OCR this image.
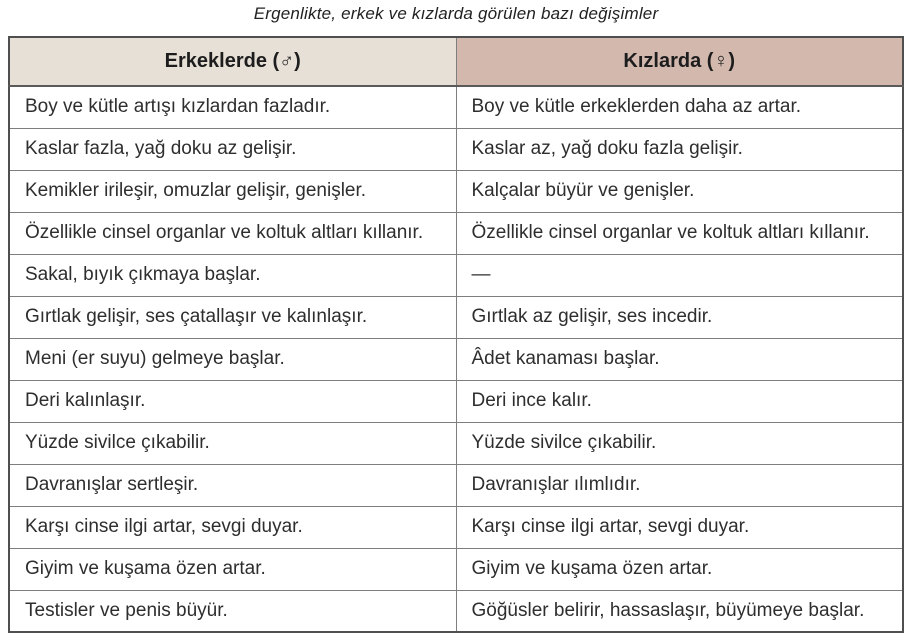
Ergenlikte, erkek ve kızlarda görülen bazı değişimler
Erkeklerde (♂)	Kızlarda (♀)
Boy ve kütle artışı kızlardan fazladır.	Boy ve kütle erkeklerden daha az artar.
Kaslar fazla, yağ doku az gelişir.	Kaslar az, yağ doku fazla gelişir.
Kemikler irileşir, omuzlar gelişir, genişler.	Kalçalar büyür ve genişler.
Özellikle cinsel organlar ve koltuk altları kıllanır.	Özellikle cinsel organlar ve koltuk altları kıllanır.
Sakal, bıyık çıkmaya başlar.	—
Gırtlak gelişir, ses çatallaşır ve kalınlaşır.	Gırtlak az gelişir, ses incedir.
Meni (er suyu) gelmeye başlar.	Âdet kanaması başlar.
Deri kalınlaşır.	Deri ince kalır.
Yüzde sivilce çıkabilir.	Yüzde sivilce çıkabilir.
Davranışlar sertleşir.	Davranışlar ılımlıdır.
Karşı cinse ilgi artar, sevgi duyar.	Karşı cinse ilgi artar, sevgi duyar.
Giyim ve kuşama özen artar.	Giyim ve kuşama özen artar.
Testisler ve penis büyür.	Göğüsler belirir, hassaslaşır, büyümeye başlar.
